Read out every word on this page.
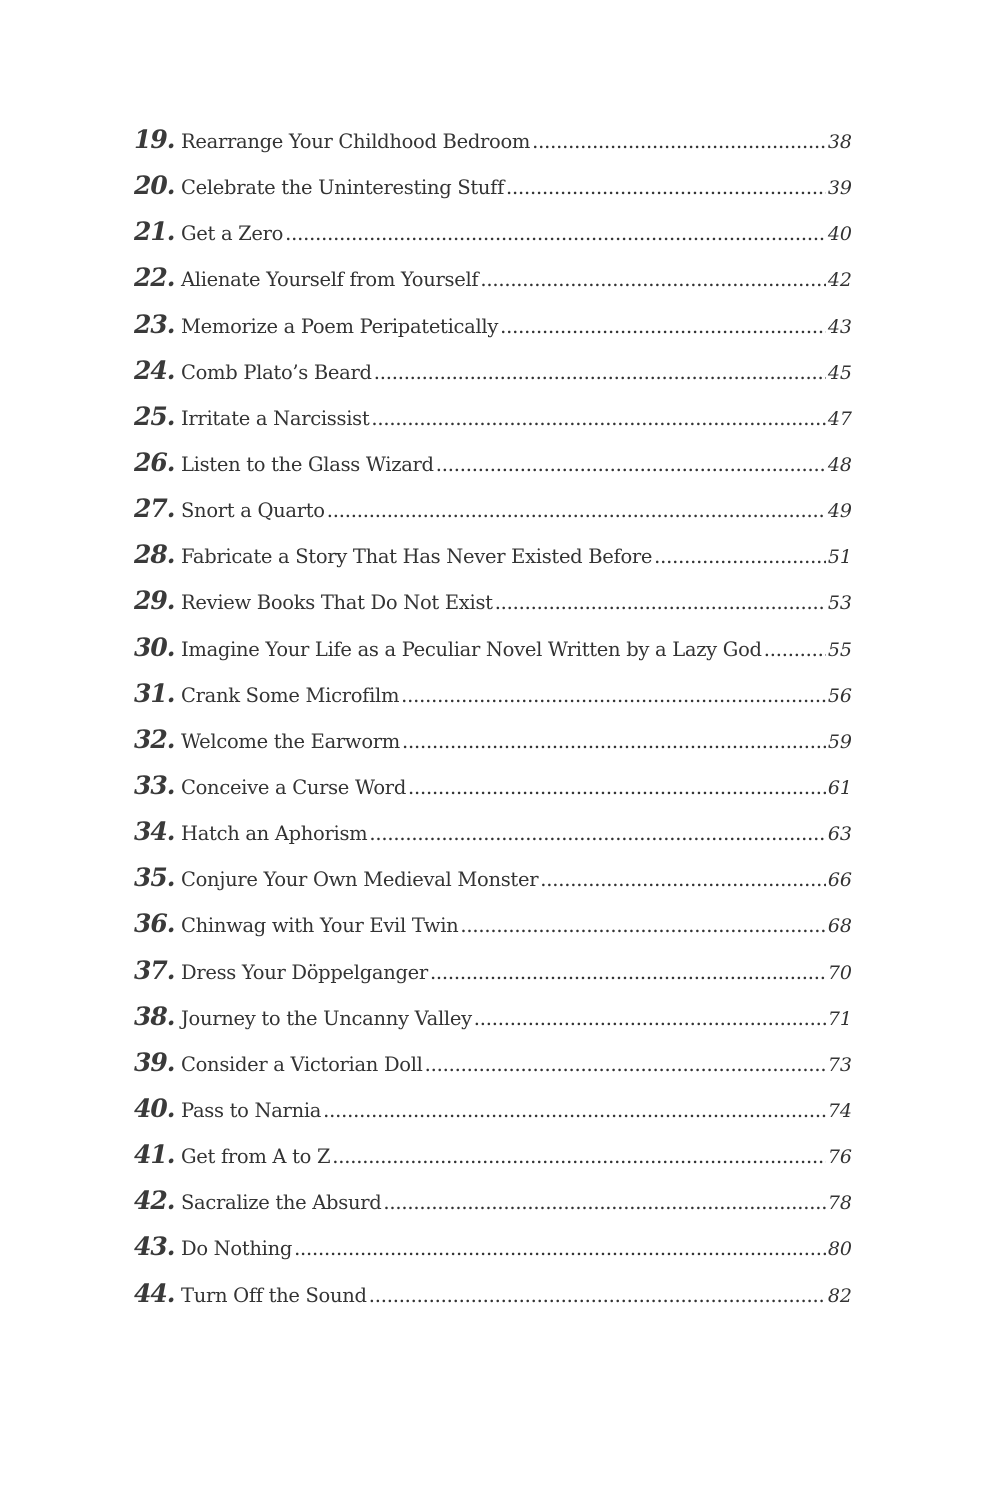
19. Rearrange Your Childhood Bedroom . . .	38
20. Celebrate the Uninteresting Stuff . . .	39
21. Get a Zero . . .	40
22. Alienate Yourself from Yourself . . .	42
23. Memorize a Poem Peripatetically . . .	43
24. Comb Plato’s Beard . . .	45
25. Irritate a Narcissist . . .	47
26. Listen to the Glass Wizard . . .	48
27. Snort a Quarto . . .	49
28. Fabricate a Story That Has Never Existed Before . . .	51
29. Review Books That Do Not Exist . . .	53
30. Imagine Your Life as a Peculiar Novel Written by a Lazy God . . .	55
31. Crank Some Microfilm . . .	56
32. Welcome the Earworm . . .	59
33. Conceive a Curse Word . . .	61
34. Hatch an Aphorism . . .	63
35. Conjure Your Own Medieval Monster . . .	66
36. Chinwag with Your Evil Twin . . .	68
37. Dress Your Döppelganger . . .	70
38. Journey to the Uncanny Valley . . .	71
39. Consider a Victorian Doll . . .	73
40. Pass to Narnia . . .	74
41. Get from A to Z . . .	76
42. Sacralize the Absurd . . .	78
43. Do Nothing . . .	80
44. Turn Off the Sound . . .	82
